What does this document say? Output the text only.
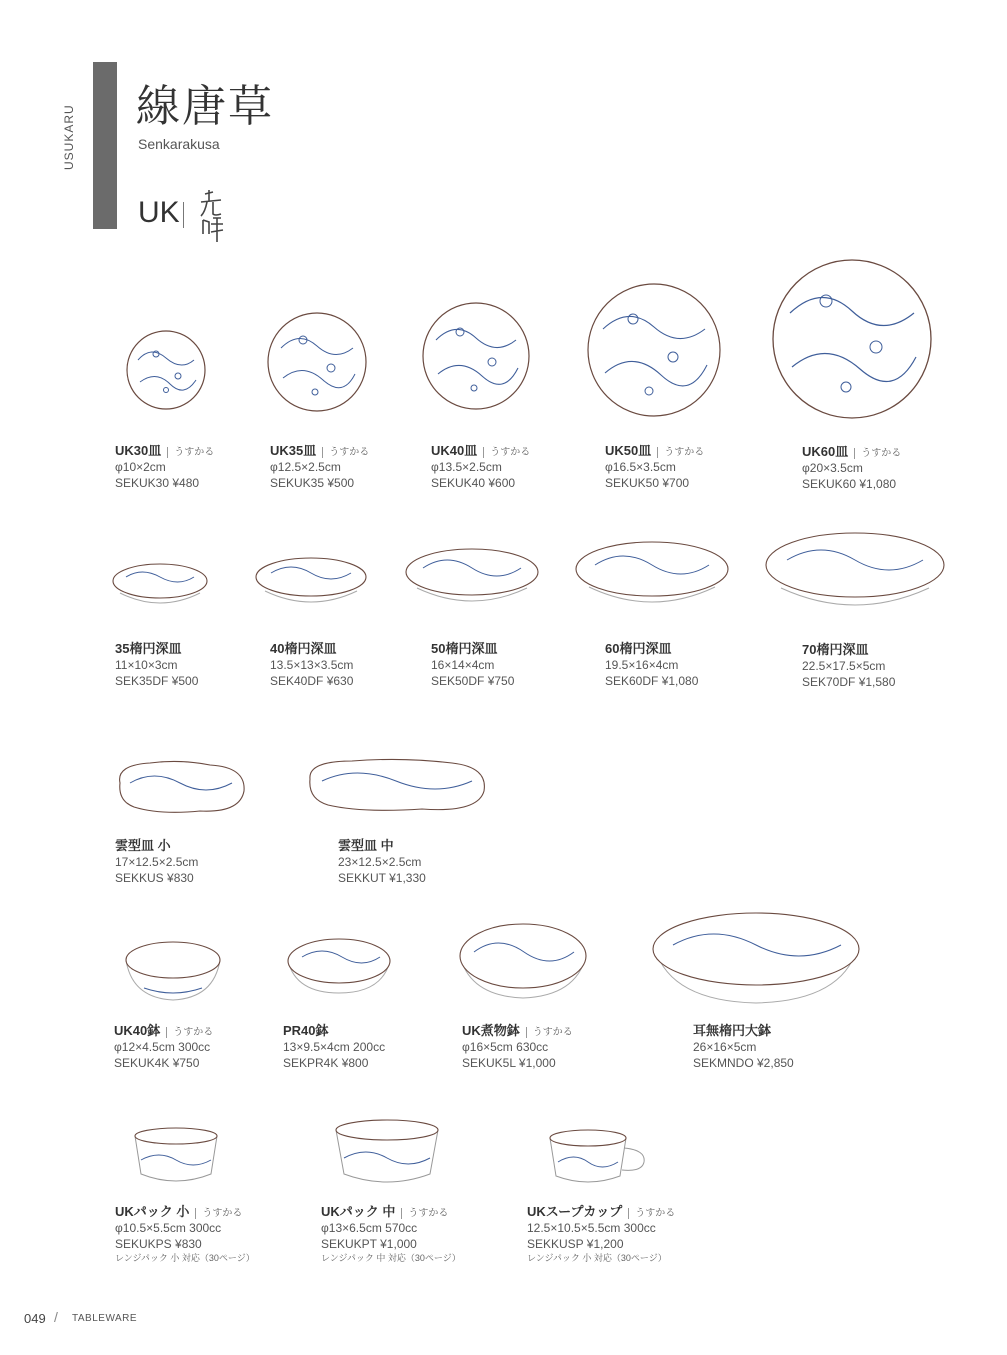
USUKARU 線唐草
Senkarakusa
UK
UK30皿 うすかる
φ10×2cm
SEKUK30 ¥480
UK35皿 うすかる
φ12.5×2.5cm
SEKUK35 ¥500
UK40皿 うすかる
φ13.5×2.5cm
SEKUK40 ¥600
UK50皿 うすかる
φ16.5×3.5cm
SEKUK50 ¥700
UK60皿 うすかる
φ20×3.5cm
SEKUK60 ¥1,080
35楕円深皿
11×10×3cm
SEK35DF ¥500
40楕円深皿
13.5×13×3.5cm
SEK40DF ¥630
50楕円深皿
16×14×4cm
SEK50DF ¥750
60楕円深皿
19.5×16×4cm
SEK60DF ¥1,080
70楕円深皿
22.5×17.5×5cm
SEK70DF ¥1,580
雲型皿 小
17×12.5×2.5cm
SEKKUS ¥830
雲型皿 中
23×12.5×2.5cm
SEKKUT ¥1,330
UK40鉢 うすかる
φ12×4.5cm 300cc
SEKUK4K ¥750
PR40鉢
13×9.5×4cm 200cc
SEKPR4K ¥800
UK煮物鉢 うすかる
φ16×5cm 630cc
SEKUK5L ¥1,000
耳無楕円大鉢
26×16×5cm
SEKMNDO ¥2,850
UKパック 小 うすかる
φ10.5×5.5cm 300cc
SEKUKPS ¥830
レンジパック 小 対応（30ページ）
UKパック 中 うすかる
φ13×6.5cm 570cc
SEKUKPT ¥1,000
レンジパック 中 対応（30ページ）
UKスープカップ うすかる
12.5×10.5×5.5cm 300cc
SEKKUSP ¥1,200
レンジパック 小 対応（30ページ）
049 / TABLEWARE
